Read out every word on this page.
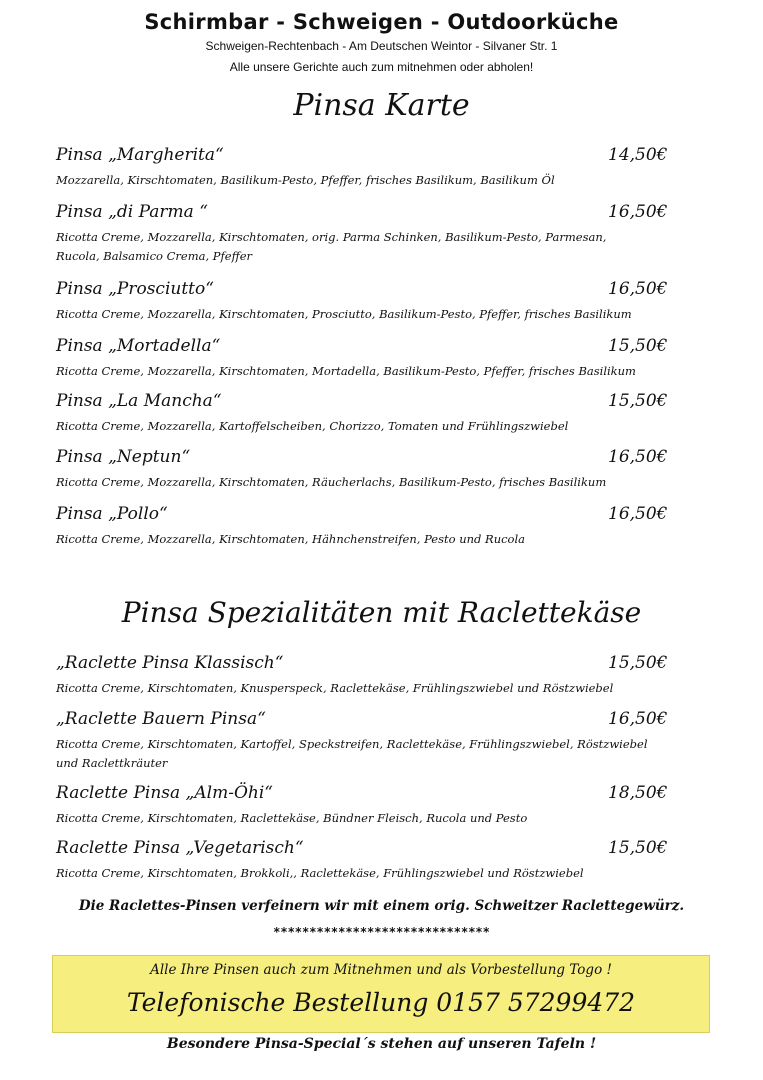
Schirmbar - Schweigen - Outdoorküche
Schweigen-Rechtenbach - Am Deutschen Weintor - Silvaner Str. 1
Alle unsere Gerichte auch zum mitnehmen oder abholen!
Pinsa Karte
Pinsa „Margherita“	14,50€
Mozzarella, Kirschtomaten, Basilikum-Pesto, Pfeffer, frisches Basilikum, Basilikum Öl
Pinsa „di Parma “	16,50€
Ricotta Creme, Mozzarella, Kirschtomaten, orig. Parma Schinken, Basilikum-Pesto, Parmesan, Rucola, Balsamico Crema, Pfeffer
Pinsa „Prosciutto“	16,50€
Ricotta Creme, Mozzarella, Kirschtomaten, Prosciutto, Basilikum-Pesto, Pfeffer, frisches Basilikum
Pinsa „Mortadella“	15,50€
Ricotta Creme, Mozzarella, Kirschtomaten, Mortadella, Basilikum-Pesto, Pfeffer, frisches Basilikum
Pinsa „La Mancha“	15,50€
Ricotta Creme, Mozzarella, Kartoffelscheiben, Chorizzo, Tomaten und Frühlingszwiebel
Pinsa „Neptun“	16,50€
Ricotta Creme, Mozzarella, Kirschtomaten, Räucherlachs, Basilikum-Pesto, frisches Basilikum
Pinsa „Pollo“	16,50€
Ricotta Creme, Mozzarella, Kirschtomaten, Hähnchenstreifen, Pesto und Rucola
Pinsa Spezialitäten mit Raclettekäse
„Raclette Pinsa Klassisch“	15,50€
Ricotta Creme, Kirschtomaten, Knusperspeck, Raclettekäse, Frühlingszwiebel und Röstzwiebel
„Raclette Bauern Pinsa“	16,50€
Ricotta Creme, Kirschtomaten, Kartoffel, Speckstreifen, Raclettekäse, Frühlingszwiebel, Röstzwiebel und Raclettkräuter
Raclette Pinsa „Alm-Öhi“	18,50€
Ricotta Creme, Kirschtomaten, Raclettekäse, Bündner Fleisch, Rucola und Pesto
Raclette Pinsa „Vegetarisch“	15,50€
Ricotta Creme, Kirschtomaten, Brokkoli,, Raclettekäse, Frühlingszwiebel und Röstzwiebel
Die Raclettes-Pinsen verfeinern wir mit einem orig. Schweitzer Raclettegewürz.
******************************
Alle Ihre Pinsen auch zum Mitnehmen und als Vorbestellung Togo !
Telefonische Bestellung 0157 57299472
Besondere Pinsa-Special´s stehen auf unseren Tafeln !
